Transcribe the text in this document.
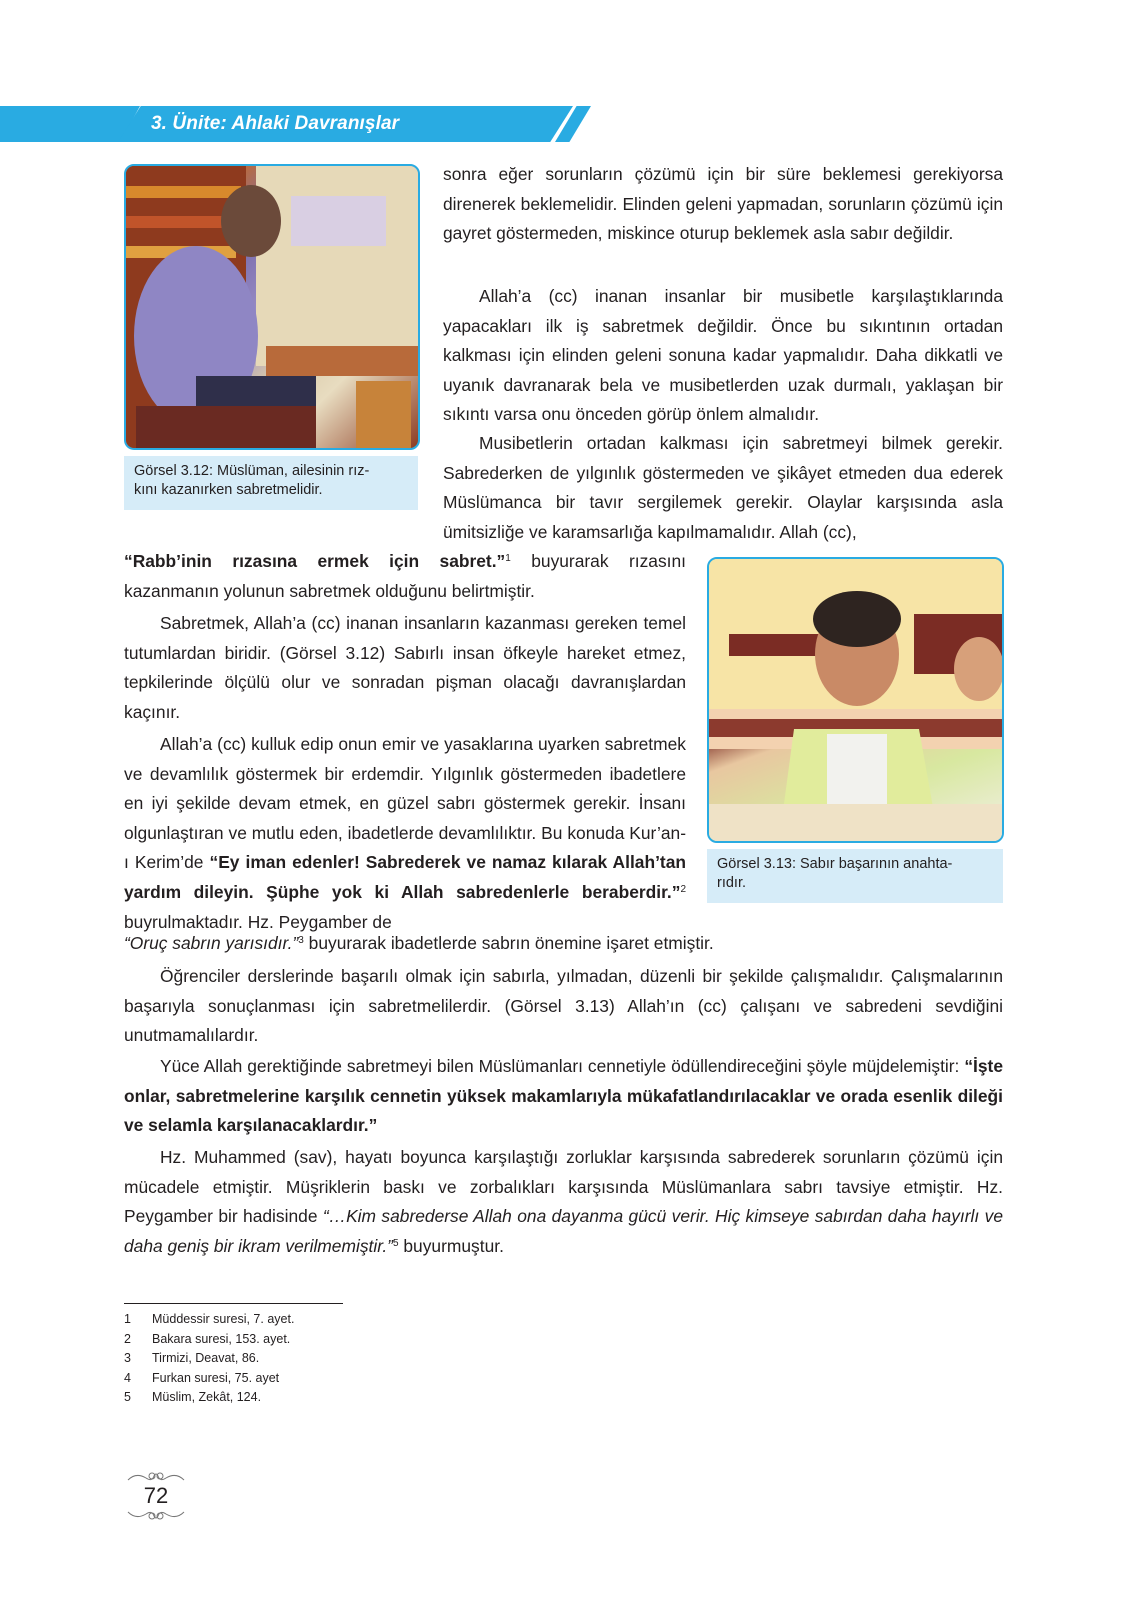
3. Ünite: Ahlaki Davranışlar
Görsel 3.12: Müslüman, ailesinin rız-
kını kazanırken sabretmelidir.
Görsel 3.13: Sabır başarının anahta-
rıdır.

sonra eğer sorunların çözümü için bir süre beklemesi gerekiyorsa direnerek beklemelidir. Elinden geleni yapmadan, sorunların çözümü için gayret göstermeden, miskince oturup beklemek asla sabır değildir.

Allah’a (cc) inanan insanlar bir musibetle karşılaştıklarında yapacakları ilk iş sabretmek değildir. Önce bu sıkıntının ortadan kalkması için elinden geleni sonuna kadar yapmalıdır. Daha dikkatli ve uyanık davranarak bela ve musibetlerden uzak durmalı, yaklaşan bir sıkıntı varsa onu önceden görüp önlem almalıdır.

Musibetlerin ortadan kalkması için sabretmeyi bilmek gerekir. Sabrederken de yılgınlık göstermeden ve şikâyet etmeden dua ederek Müslümanca bir tavır sergilemek gerekir. Olaylar karşısında asla ümitsizliğe ve karamsarlığa kapılmamalıdır. Allah (cc),

“Rabb’inin rızasına ermek için sabret.”$^1$ buyurarak rızasını kazanmanın yolunun sabretmek olduğunu belirtmiştir.

Sabretmek, Allah’a (cc) inanan insanların kazanması gereken temel tutumlardan biridir. (Görsel 3.12) Sabırlı insan öfkeyle hareket etmez, tepkilerinde ölçülü olur ve sonradan pişman olacağı davranışlardan kaçınır.

Allah’a (cc) kulluk edip onun emir ve yasaklarına uyarken sabretmek ve devamlılık göstermek bir erdemdir. Yılgınlık göstermeden ibadetlere en iyi şekilde devam etmek, en güzel sabrı göstermek gerekir. İnsanı olgunlaştıran ve mutlu eden, ibadetlerde devamlılıktır. Bu konuda Kur’an-ı Kerim’de “Ey iman edenler! Sabrederek ve namaz kılarak Allah’tan yardım dileyin. Şüphe yok ki Allah sabredenlerle beraberdir.”$^2$ buyrulmaktadır. Hz. Peygamber de

“Oruç sabrın yarısıdır.”$^3$ buyurarak ibadetlerde sabrın önemine işaret etmiştir.

Öğrenciler derslerinde başarılı olmak için sabırla, yılmadan, düzenli bir şekilde çalışmalıdır. Çalışmalarının başarıyla sonuçlanması için sabretmelilerdir. (Görsel 3.13) Allah’ın (cc) çalışanı ve sabredeni sevdiğini unutmamalılardır.

Yüce Allah gerektiğinde sabretmeyi bilen Müslümanları cennetiyle ödüllendireceğini şöyle müjdelemiştir: “İşte onlar, sabretmelerine karşılık cennetin yüksek makamlarıyla mükafatlandırılacaklar ve orada esenlik dileği ve selamla karşılanacaklardır.”

Hz. Muhammed (sav), hayatı boyunca karşılaştığı zorluklar karşısında sabrederek sorunların çözümü için mücadele etmiştir. Müşriklerin baskı ve zorbalıkları karşısında Müslümanlara sabrı tavsiye etmiştir. Hz. Peygamber bir hadisinde “…Kim sabrederse Allah ona dayanma gücü verir. Hiç kimseye sabırdan daha hayırlı ve daha geniş bir ikram verilmemiştir.”$^5$ buyurmuştur.

1	Müddessir suresi, 7. ayet.
2	Bakara suresi, 153. ayet.
3	Tirmizi, Deavat, 86.
4	Furkan suresi, 75. ayet
5	Müslim, Zekât, 124.
72
